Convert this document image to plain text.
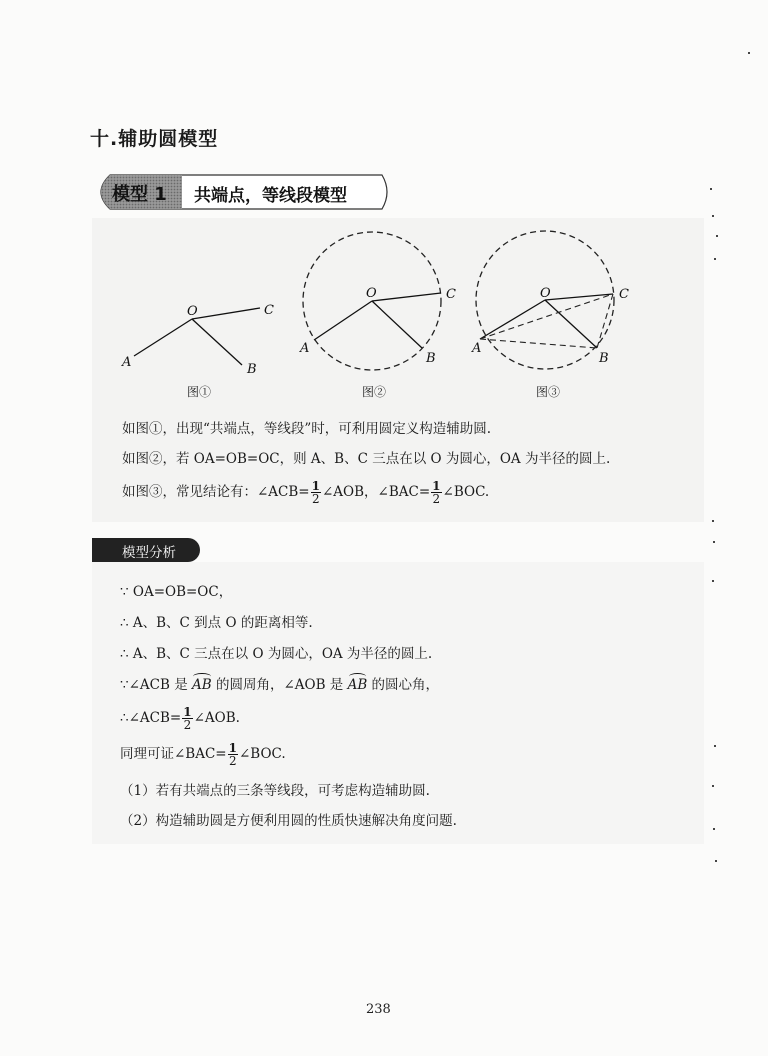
十.辅助圆模型
模型 1 共端点，等线段模型
O	C
A	B
O	C
A
B
O	C
A
B
图①	图②	图③
如图①，出现“共端点，等线段”时，可利用圆定义构造辅助圆.
如图②，若 OA=OB=OC，则 A、B、C 三点在以 O 为圆心，OA 为半径的圆上.
如图③，常见结论有：∠ACB= $\frac{1}{2}$ ∠AOB，∠BAC= $\frac{1}{2}$ ∠BOC.
模型分析
∵ OA=OB=OC，
∴ A、B、C 到点 O 的距离相等.
∴ A、B、C 三点在以 O 为圆心，OA 为半径的圆上.
∵∠ACB 是 AB 的圆周角，∠AOB 是 AB 的圆心角，
∴∠ACB= $\frac{1}{2}$ ∠AOB.
同理可证∠BAC= $\frac{1}{2}$ ∠BOC.
（1）若有共端点的三条等线段，可考虑构造辅助圆.
（2）构造辅助圆是方便利用圆的性质快速解决角度问题.
238
